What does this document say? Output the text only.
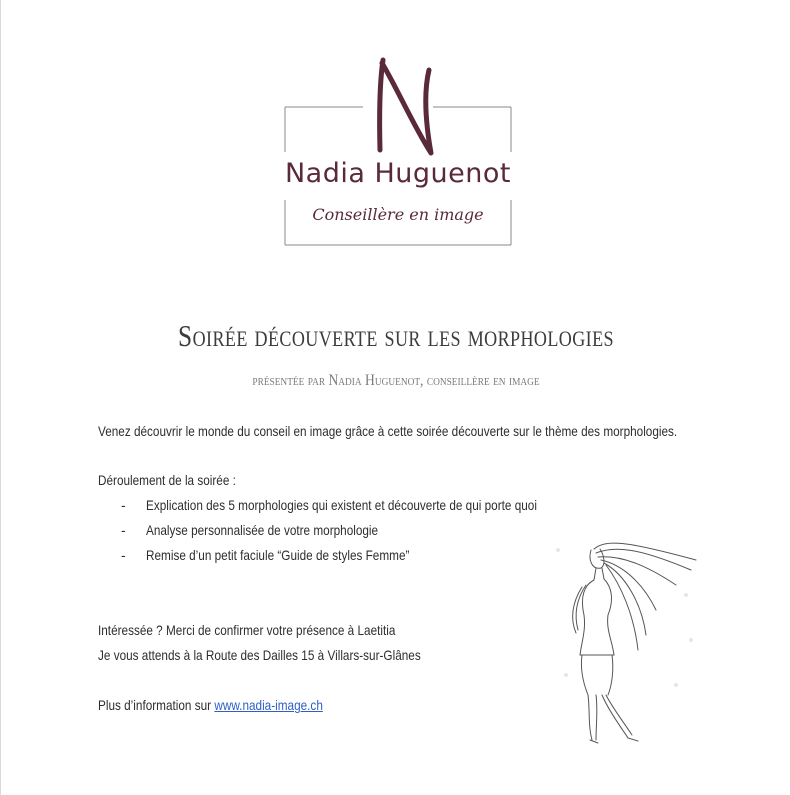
Nadia Huguenot
Conseillère en image
Soirée découverte sur les morphologies
présentée par Nadia Huguenot, conseillère en image
Venez découvrir le monde du conseil en image grâce à cette soirée découverte sur le thème des morphologies.
Déroulement de la soirée :
- Explication des 5 morphologies qui existent et découverte de qui porte quoi
- Analyse personnalisée de votre morphologie
- Remise d’un petit faciule “Guide de styles Femme”
Intéressée ? Merci de confirmer votre présence à Laetitia
Je vous attends à la Route des Dailles 15 à Villars-sur-Glânes
Plus d’information sur www.nadia-image.ch
